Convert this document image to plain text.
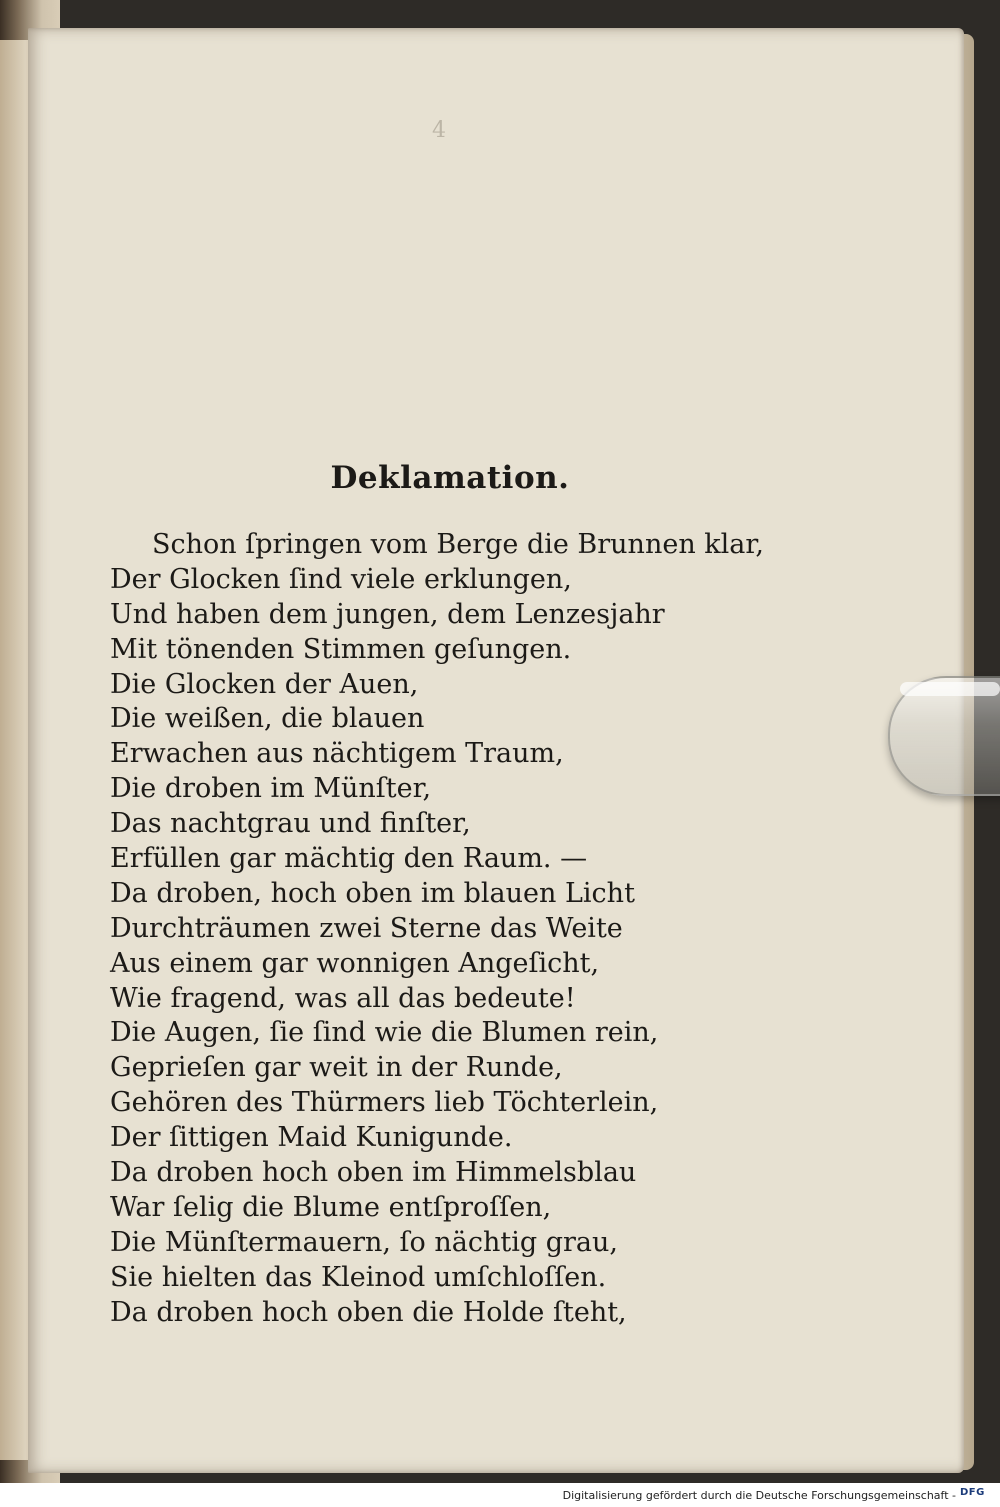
4
Deklamation.
Schon ſpringen vom Berge die Brunnen klar,
Der Glocken ſind viele erklungen,
Und haben dem jungen, dem Lenzesjahr
Mit tönenden Stimmen geſungen.
Die Glocken der Auen,
Die weißen, die blauen
Erwachen aus nächtigem Traum,
Die droben im Münſter,
Das nachtgrau und finſter,
Erfüllen gar mächtig den Raum. —
Da droben, hoch oben im blauen Licht
Durchträumen zwei Sterne das Weite
Aus einem gar wonnigen Angeſicht,
Wie fragend, was all das bedeute!
Die Augen, ſie ſind wie die Blumen rein,
Geprieſen gar weit in der Runde,
Gehören des Thürmers lieb Töchterlein,
Der ſittigen Maid Kunigunde.
Da droben hoch oben im Himmelsblau
War ſelig die Blume entſproſſen,
Die Münſtermauern, ſo nächtig grau,
Sie hielten das Kleinod umſchloſſen.
Da droben hoch oben die Holde ſteht,
Digitalisierung gefördert durch die Deutsche Forschungsgemeinschaft - DFG
